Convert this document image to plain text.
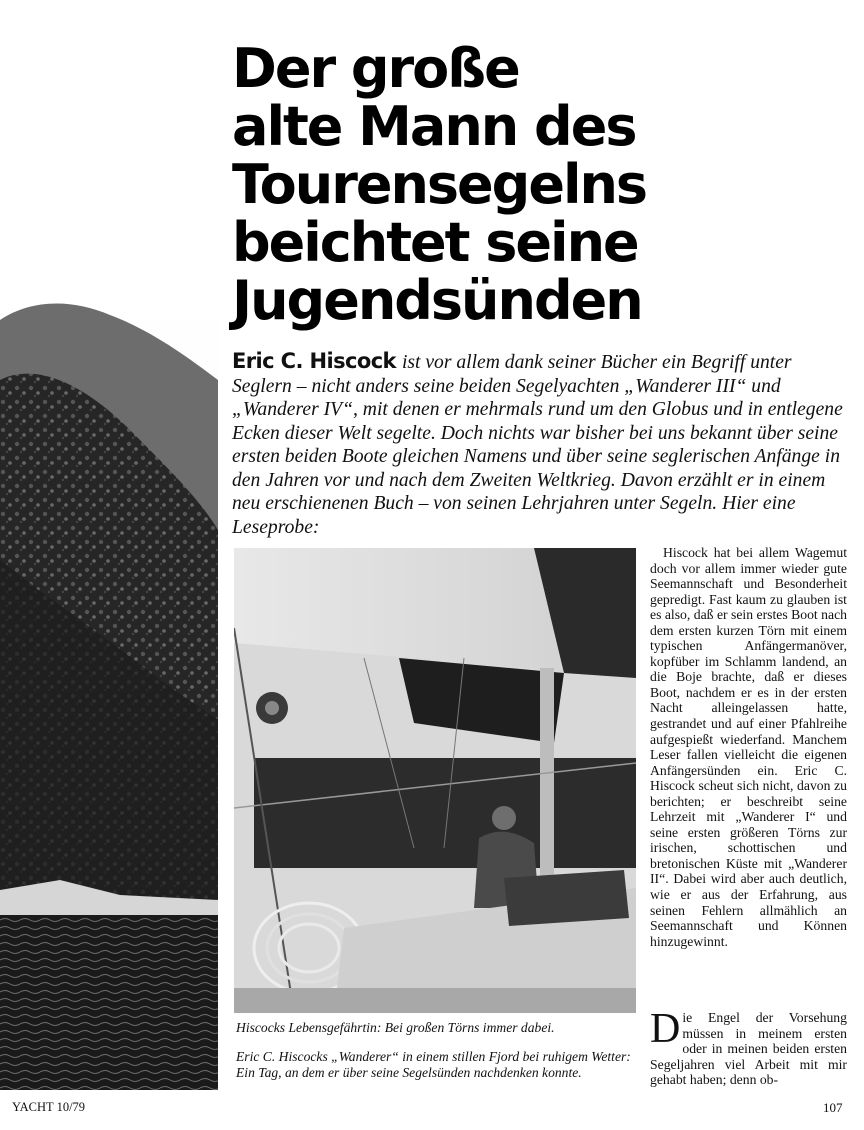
Der große
alte Mann des
Tourensegelns
beichtet seine
Jugendsünden

Eric C. Hiscock ist vor allem dank seiner Bücher ein Begriff unter Seglern – nicht anders seine beiden Segelyachten „Wanderer III“ und „Wanderer IV“, mit denen er mehrmals rund um den Globus und in entlegene Ecken dieser Welt segelte. Doch nichts war bisher bei uns bekannt über seine ersten beiden Boote gleichen Namens und über seine seglerischen Anfänge in den Jahren vor und nach dem Zweiten Weltkrieg. Davon erzählt er in einem neu erschienenen Buch – von seinen Lehrjahren unter Segeln. Hier eine Leseprobe:

Hiscocks Lebensgefährtin: Bei großen Törns immer dabei.

Eric C. Hiscocks „Wanderer“ in einem stillen Fjord bei ruhigem Wetter: Ein Tag, an dem er über seine Segelsünden nachdenken konnte.

Hiscock hat bei allem Wagemut doch vor allem immer wieder gute Seemannschaft und Besonderheit gepredigt. Fast kaum zu glauben ist es also, daß er sein erstes Boot nach dem ersten kurzen Törn mit einem typischen Anfängermanöver, kopfüber im Schlamm landend, an die Boje brachte, daß er dieses Boot, nachdem er es in der ersten Nacht alleingelassen hatte, gestrandet und auf einer Pfahlreihe aufgespießt wiederfand. Manchem Leser fallen vielleicht die eigenen Anfängersünden ein. Eric C. Hiscock scheut sich nicht, davon zu berichten; er beschreibt seine Lehrzeit mit „Wanderer I“ und seine ersten größeren Törns zur irischen, schottischen und bretonischen Küste mit „Wanderer II“. Dabei wird aber auch deutlich, wie er aus der Erfahrung, aus seinen Fehlern allmählich an Seemannschaft und Können hinzugewinnt.

Die Engel der Vorsehung müssen in meinem ersten oder in meinen beiden ersten Segeljahren viel Arbeit mit mir gehabt haben; denn ob-

YACHT 10/79	107
